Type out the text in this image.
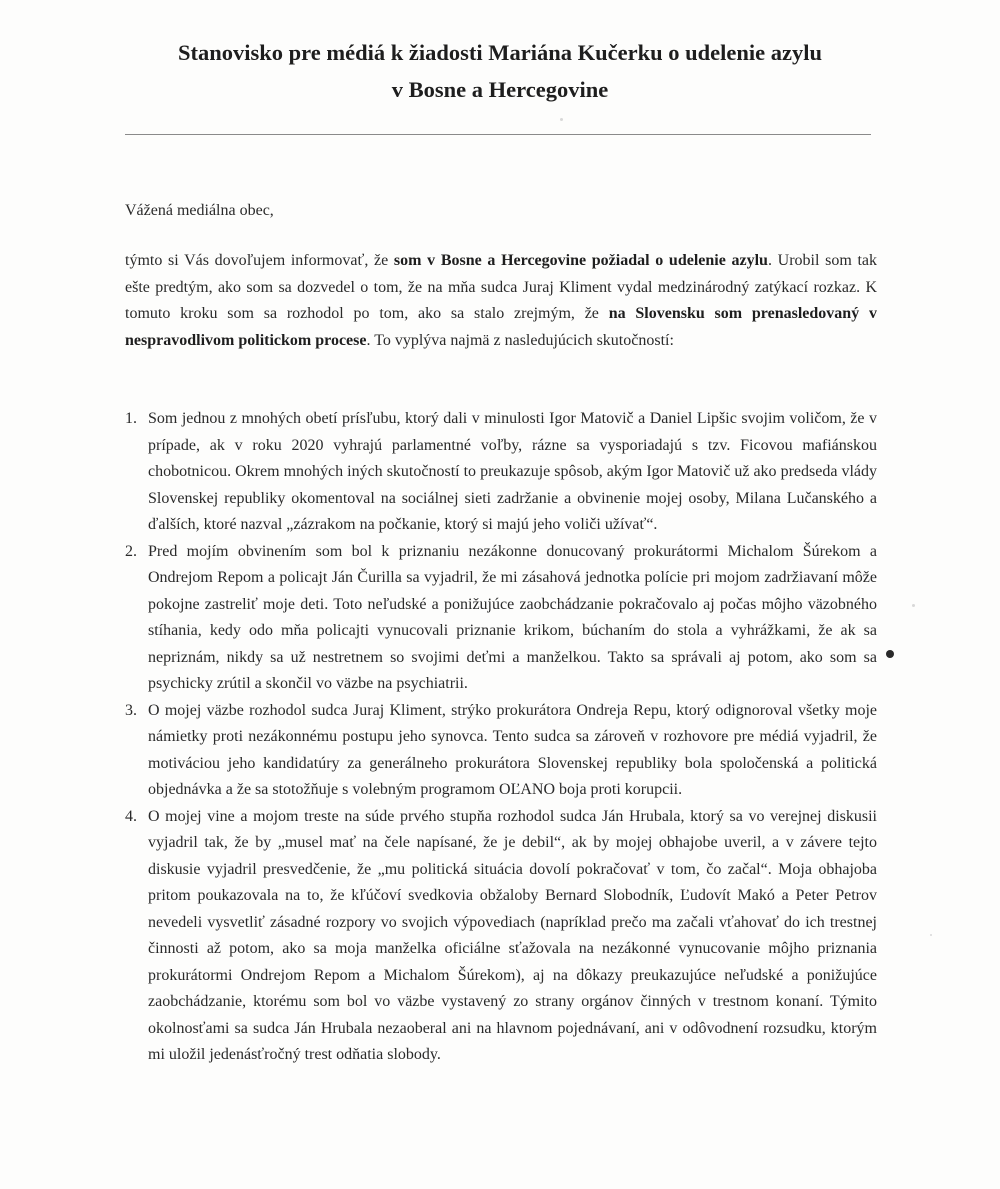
Stanovisko pre médiá k žiadosti Mariána Kučerku o udelenie azylu
v Bosne a Hercegovine
Vážená mediálna obec,
týmto si Vás dovoľujem informovať, že som v Bosne a Hercegovine požiadal o udelenie azylu. Urobil som tak ešte predtým, ako som sa dozvedel o tom, že na mňa sudca Juraj Kliment vydal medzinárodný zatýkací rozkaz. K tomuto kroku som sa rozhodol po tom, ako sa stalo zrejmým, že na Slovensku som prenasledovaný v nespravodlivom politickom procese. To vyplýva najmä z nasledujúcich skutočností:
1. Som jednou z mnohých obetí prísľubu, ktorý dali v minulosti Igor Matovič a Daniel Lipšic svojim voličom, že v prípade, ak v roku 2020 vyhrajú parlamentné voľby, rázne sa vysporiadajú s tzv. Ficovou mafiánskou chobotnicou. Okrem mnohých iných skutočností to preukazuje spôsob, akým Igor Matovič už ako predseda vlády Slovenskej republiky okomentoval na sociálnej sieti zadržanie a obvinenie mojej osoby, Milana Lučanského a ďalších, ktoré nazval „zázrakom na počkanie, ktorý si majú jeho voliči užívať“.
2. Pred mojím obvinením som bol k priznaniu nezákonne donucovaný prokurátormi Michalom Šúrekom a Ondrejom Repom a policajt Ján Čurilla sa vyjadril, že mi zásahová jednotka polície pri mojom zadržiavaní môže pokojne zastreliť moje deti. Toto neľudské a ponižujúce zaobchádzanie pokračovalo aj počas môjho väzobného stíhania, kedy odo mňa policajti vynucovali priznanie krikom, búchaním do stola a vyhrážkami, že ak sa nepriznám, nikdy sa už nestretnem so svojimi deťmi a manželkou. Takto sa správali aj potom, ako som sa psychicky zrútil a skončil vo väzbe na psychiatrii.
3. O mojej väzbe rozhodol sudca Juraj Kliment, strýko prokurátora Ondreja Repu, ktorý odignoroval všetky moje námietky proti nezákonnému postupu jeho synovca. Tento sudca sa zároveň v rozhovore pre médiá vyjadril, že motiváciou jeho kandidatúry za generálneho prokurátora Slovenskej republiky bola spoločenská a politická objednávka a že sa stotožňuje s volebným programom OĽANO boja proti korupcii.
4. O mojej vine a mojom treste na súde prvého stupňa rozhodol sudca Ján Hrubala, ktorý sa vo verejnej diskusii vyjadril tak, že by „musel mať na čele napísané, že je debil“, ak by mojej obhajobe uveril, a v závere tejto diskusie vyjadril presvedčenie, že „mu politická situácia dovolí pokračovať v tom, čo začal“. Moja obhajoba pritom poukazovala na to, že kľúčoví svedkovia obžaloby Bernard Slobodník, Ľudovít Makó a Peter Petrov nevedeli vysvetliť zásadné rozpory vo svojich výpovediach (napríklad prečo ma začali vťahovať do ich trestnej činnosti až potom, ako sa moja manželka oficiálne sťažovala na nezákonné vynucovanie môjho priznania prokurátormi Ondrejom Repom a Michalom Šúrekom), aj na dôkazy preukazujúce neľudské a ponižujúce zaobchádzanie, ktorému som bol vo väzbe vystavený zo strany orgánov činných v trestnom konaní. Týmito okolnosťami sa sudca Ján Hrubala nezaoberal ani na hlavnom pojednávaní, ani v odôvodnení rozsudku, ktorým mi uložil jedenásťročný trest odňatia slobody.
